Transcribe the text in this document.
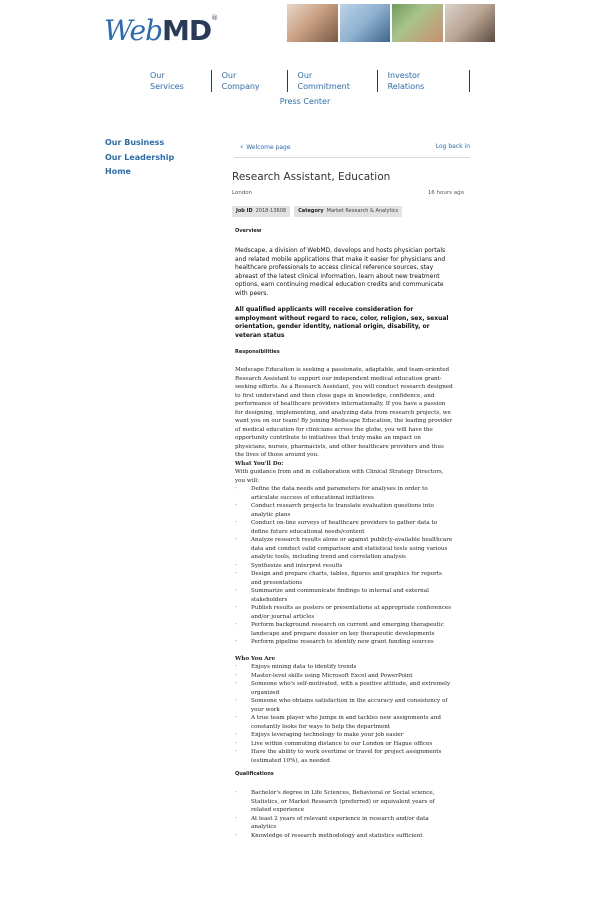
WebMD®
Our Services
Our Company
Our Commitment
Investor Relations
Press Center
Our Business
Our Leadership
Home
‹ Welcome page	Log back in
Research Assistant, Education
London	16 hours ago
Job ID 2018-13608	Category Market Research & Analytics
Overview
Medscape, a division of WebMD, develops and hosts physician portals and related mobile applications that make it easier for physicians and healthcare professionals to access clinical reference sources, stay abreast of the latest clinical information, learn about new treatment options, earn continuing medical education credits and communicate with peers.
All qualified applicants will receive consideration for employment without regard to race, color, religion, sex, sexual orientation, gender identity, national origin, disability, or veteran status
Responsibilities
Medscape Education is seeking a passionate, adaptable, and team-oriented Research Assistant to support our independent medical education grant-seeking efforts. As a Research Assistant, you will conduct research designed to first understand and then close gaps in knowledge, confidence, and performance of healthcare providers internationally. If you have a passion for designing, implementing, and analyzing data from research projects, we want you on our team! By joining Medscape Education, the leading provider of medical education for clinicians across the globe, you will have the opportunity contribute to initiatives that truly make an impact on physicians, nurses, pharmacists, and other healthcare providers and thus the lives of those around you.
What You'll Do:
With guidance from and in collaboration with Clinical Strategy Directors, you will:
·	Define the data needs and parameters for analyses in order to articulate success of educational initiatives
·	Conduct research projects to translate evaluation questions into analytic plans
·	Conduct on-line surveys of healthcare providers to gather data to define future educational needs/content
·	Analyze research results alone or against publicly-available healthcare data and conduct valid comparison and statistical tests using various analytic tools, including trend and correlation analysis
·	Synthesize and interpret results
·	Design and prepare charts, tables, figures and graphics for reports and presentations
·	Summarize and communicate findings to internal and external stakeholders
·	Publish results as posters or presentations at appropriate conferences and/or journal articles
·	Perform background research on current and emerging therapeutic landscape and prepare dossier on key therapeutic developments
·	Perform pipeline research to identify new grant funding sources
Who You Are
·	Enjoys mining data to identify trends
·	Master-level skills using Microsoft Excel and PowerPoint
·	Someone who's self-motivated, with a positive attitude, and extremely organized
·	Someone who obtains satisfaction in the accuracy and consistency of your work
·	A true team player who jumps in and tackles new assignments and constantly looks for ways to help the department
·	Enjoys leveraging technology to make your job easier
·	Live within commuting distance to our London or Hague offices
·	Have the ability to work overtime or travel for project assignments (estimated 10%), as needed
Qualifications
·	Bachelor's degree in Life Sciences, Behavioral or Social science, Statistics, or Market Research (preferred) or equivalent years of related experience
·	At least 2 years of relevant experience in research and/or data analytics
·	Knowledge of research methodology and statistics sufficient
